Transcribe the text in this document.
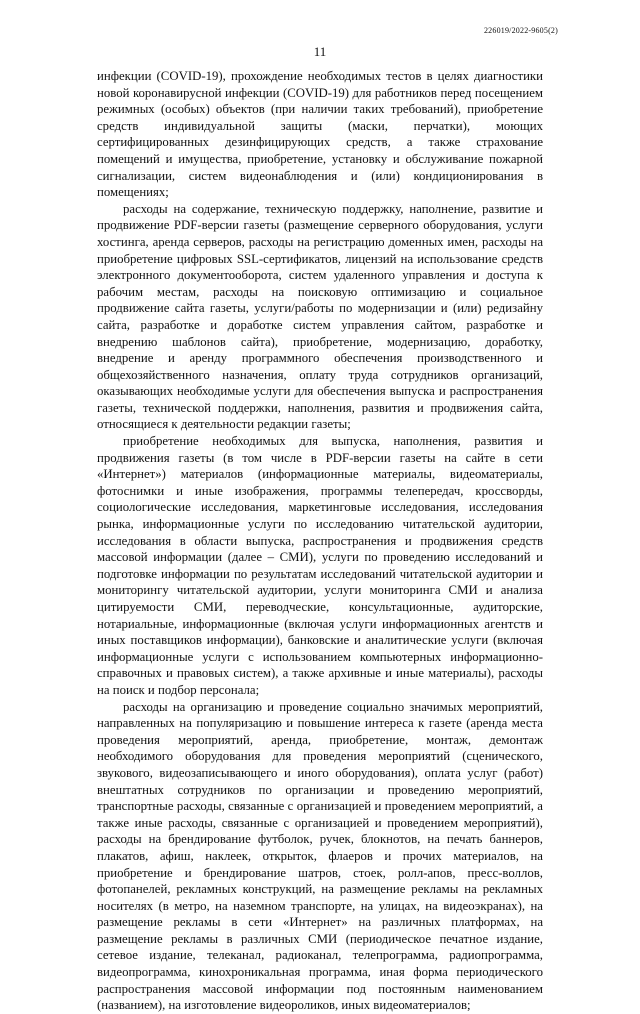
226019/2022-9605(2)
11

инфекции (COVID-19), прохождение необходимых тестов в целях диагностики новой коронавирусной инфекции (COVID-19) для работников перед посещением режимных (особых) объектов (при наличии таких требований), приобретение средств индивидуальной защиты (маски, перчатки), моющих сертифицированных дезинфицирующих средств, а также страхование помещений и имущества, приобретение, установку и обслуживание пожарной сигнализации, систем видеонаблюдения и (или) кондиционирования в помещениях;

расходы на содержание, техническую поддержку, наполнение, развитие и продвижение PDF-версии газеты (размещение серверного оборудования, услуги хостинга, аренда серверов, расходы на регистрацию доменных имен, расходы на приобретение цифровых SSL-сертификатов, лицензий на использование средств электронного документооборота, систем удаленного управления и доступа к рабочим местам, расходы на поисковую оптимизацию и социальное продвижение сайта газеты, услуги/работы по модернизации и (или) редизайну сайта, разработке и доработке систем управления сайтом, разработке и внедрению шаблонов сайта), приобретение, модернизацию, доработку, внедрение и аренду программного обеспечения производственного и общехозяйственного назначения, оплату труда сотрудников организаций, оказывающих необходимые услуги для обеспечения выпуска и распространения газеты, технической поддержки, наполнения, развития и продвижения сайта, относящиеся к деятельности редакции газеты;

приобретение необходимых для выпуска, наполнения, развития и продвижения газеты (в том числе в PDF-версии газеты на сайте в сети «Интернет») материалов (информационные материалы, видеоматериалы, фотоснимки и иные изображения, программы телепередач, кроссворды, социологические исследования, маркетинговые исследования, исследования рынка, информационные услуги по исследованию читательской аудитории, исследования в области выпуска, распространения и продвижения средств массовой информации (далее – СМИ), услуги по проведению исследований и подготовке информации по результатам исследований читательской аудитории и мониторингу читательской аудитории, услуги мониторинга СМИ и анализа цитируемости СМИ, переводческие, консультационные, аудиторские, нотариальные, информационные (включая услуги информационных агентств и иных поставщиков информации), банковские и аналитические услуги (включая информационные услуги с использованием компьютерных информационно-справочных и правовых систем), а также архивные и иные материалы), расходы на поиск и подбор персонала;

расходы на организацию и проведение социально значимых мероприятий, направленных на популяризацию и повышение интереса к газете (аренда места проведения мероприятий, аренда, приобретение, монтаж, демонтаж необходимого оборудования для проведения мероприятий (сценического, звукового, видеозаписывающего и иного оборудования), оплата услуг (работ) внештатных сотрудников по организации и проведению мероприятий, транспортные расходы, связанные с организацией и проведением мероприятий, а также иные расходы, связанные с организацией и проведением мероприятий), расходы на брендирование футболок, ручек, блокнотов, на печать баннеров, плакатов, афиш, наклеек, открыток, флаеров и прочих материалов, на приобретение и брендирование шатров, стоек, ролл-апов, пресс-воллов, фотопанелей, рекламных конструкций, на размещение рекламы на рекламных носителях (в метро, на наземном транспорте, на улицах, на видеоэкранах), на размещение рекламы в сети «Интернет» на различных платформах, на размещение рекламы в различных СМИ (периодическое печатное издание, сетевое издание, телеканал, радиоканал, телепрограмма, радиопрограмма, видеопрограмма, кинохроникальная программа, иная форма периодического распространения массовой информации под постоянным наименованием (названием), на изготовление видеороликов, иных видеоматериалов;
